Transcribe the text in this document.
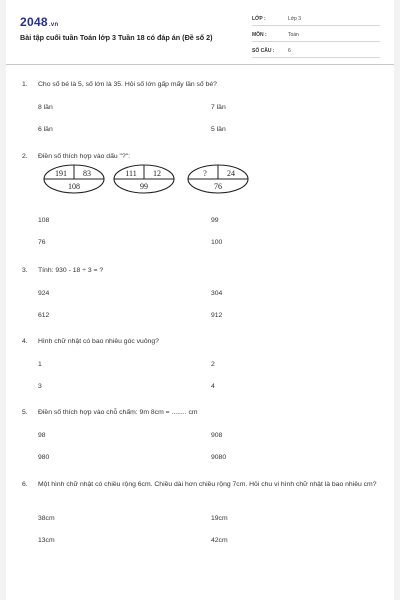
2048.vn
Bài tập cuối tuần Toán lớp 3 Tuần 18 có đáp án (Đề số 2)
LỚP :	Lớp 3
MÔN :	Toán
SỐ CÂU :	6
1. Cho số bé là 5, số lớn là 35. Hỏi số lớn gấp mấy lần số bé?
8 lần	7 lần
6 lần	5 lần
2. Điền số thích hợp vào dấu "?":
191 83
108
111 12
99
?	24
76
108	99
76	100
3. Tính: 930 - 18 ÷ 3 = ?
924	304
612	912
4. Hình chữ nhật có bao nhiêu góc vuông?
1	2
3	4
5. Điền số thích hợp vào chỗ chấm: 9m 8cm = ........ cm
98	908
980	9080
6. Một hình chữ nhật có chiều rộng 6cm. Chiều dài hơn chiều rộng 7cm. Hỏi chu vi hình chữ nhật là bao nhiêu cm?
38cm	19cm
13cm	42cm
